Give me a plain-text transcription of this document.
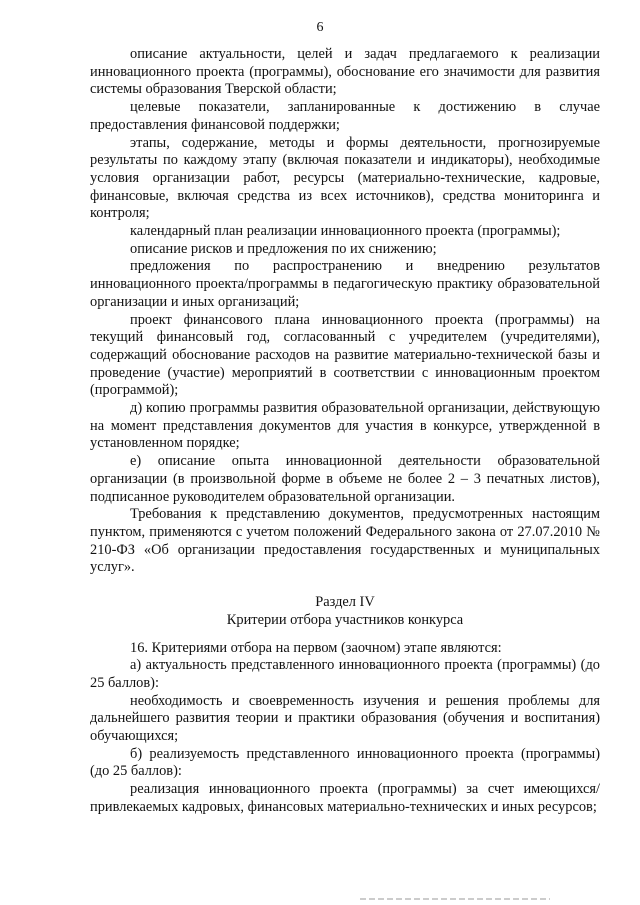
6

описание актуальности, целей и задач предлагаемого к реализации инновационного проекта (программы), обоснование его значимости для развития системы образования Тверской области;

целевые показатели, запланированные к достижению в случае предоставления финансовой поддержки;

этапы, содержание, методы и формы деятельности, прогнозируемые результаты по каждому этапу (включая показатели и индикаторы), необходимые условия организации работ, ресурсы (материально-технические, кадровые, финансовые, включая средства из всех источников), средства мониторинга и контроля;

календарный план реализации инновационного проекта (программы);

описание рисков и предложения по их снижению;

предложения по распространению и внедрению результатов инновационного проекта/программы в педагогическую практику образовательной организации и иных организаций;

проект финансового плана инновационного проекта (программы) на текущий финансовый год, согласованный с учредителем (учредителями), содержащий обоснование расходов на развитие материально-технической базы и проведение (участие) мероприятий в соответствии с инновационным проектом (программой);

д) копию программы развития образовательной организации, действующую на момент представления документов для участия в конкурсе, утвержденной в установленном порядке;

е) описание опыта инновационной деятельности образовательной организации (в произвольной форме в объеме не более 2 – 3 печатных листов), подписанное руководителем образовательной организации.

Требования к представлению документов, предусмотренных настоящим пунктом, применяются с учетом положений Федерального закона от 27.07.2010 № 210-ФЗ «Об организации предоставления государственных и муниципальных услуг».

Раздел IV

Критерии отбора участников конкурса

16. Критериями отбора на первом (заочном) этапе являются:

а) актуальность представленного инновационного проекта (программы) (до 25 баллов):

необходимость и своевременность изучения и решения проблемы для дальнейшего развития теории и практики образования (обучения и воспитания) обучающихся;

б) реализуемость представленного инновационного проекта (программы) (до 25 баллов):

реализация инновационного проекта (программы) за счет имеющихся/привлекаемых кадровых, финансовых материально-технических и иных ресурсов;
